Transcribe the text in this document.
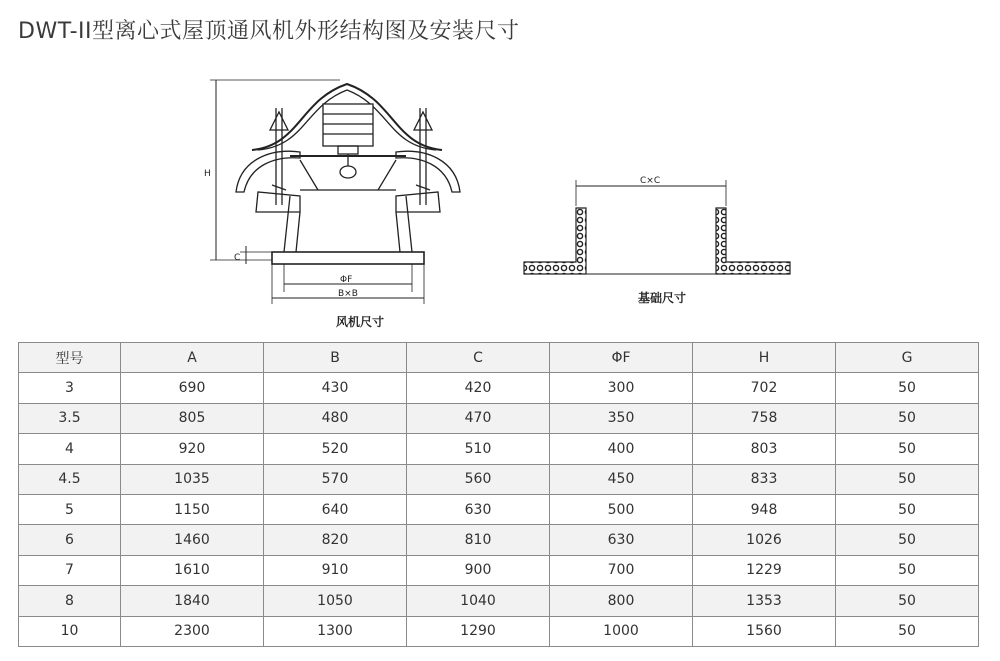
DWT-II型离心式屋顶通风机外形结构图及安装尺寸
H
C
ΦF
B×B
风机尺寸
C×C
基础尺寸
型号	A	B	C	ΦF	H	G
3	690	430	420	300	702	50
3.5	805	480	470	350	758	50
4	920	520	510	400	803	50
4.5	1035	570	560	450	833	50
5	1150	640	630	500	948	50
6	1460	820	810	630	1026	50
7	1610	910	900	700	1229	50
8	1840	1050	1040	800	1353	50
10	2300	1300	1290	1000	1560	50
